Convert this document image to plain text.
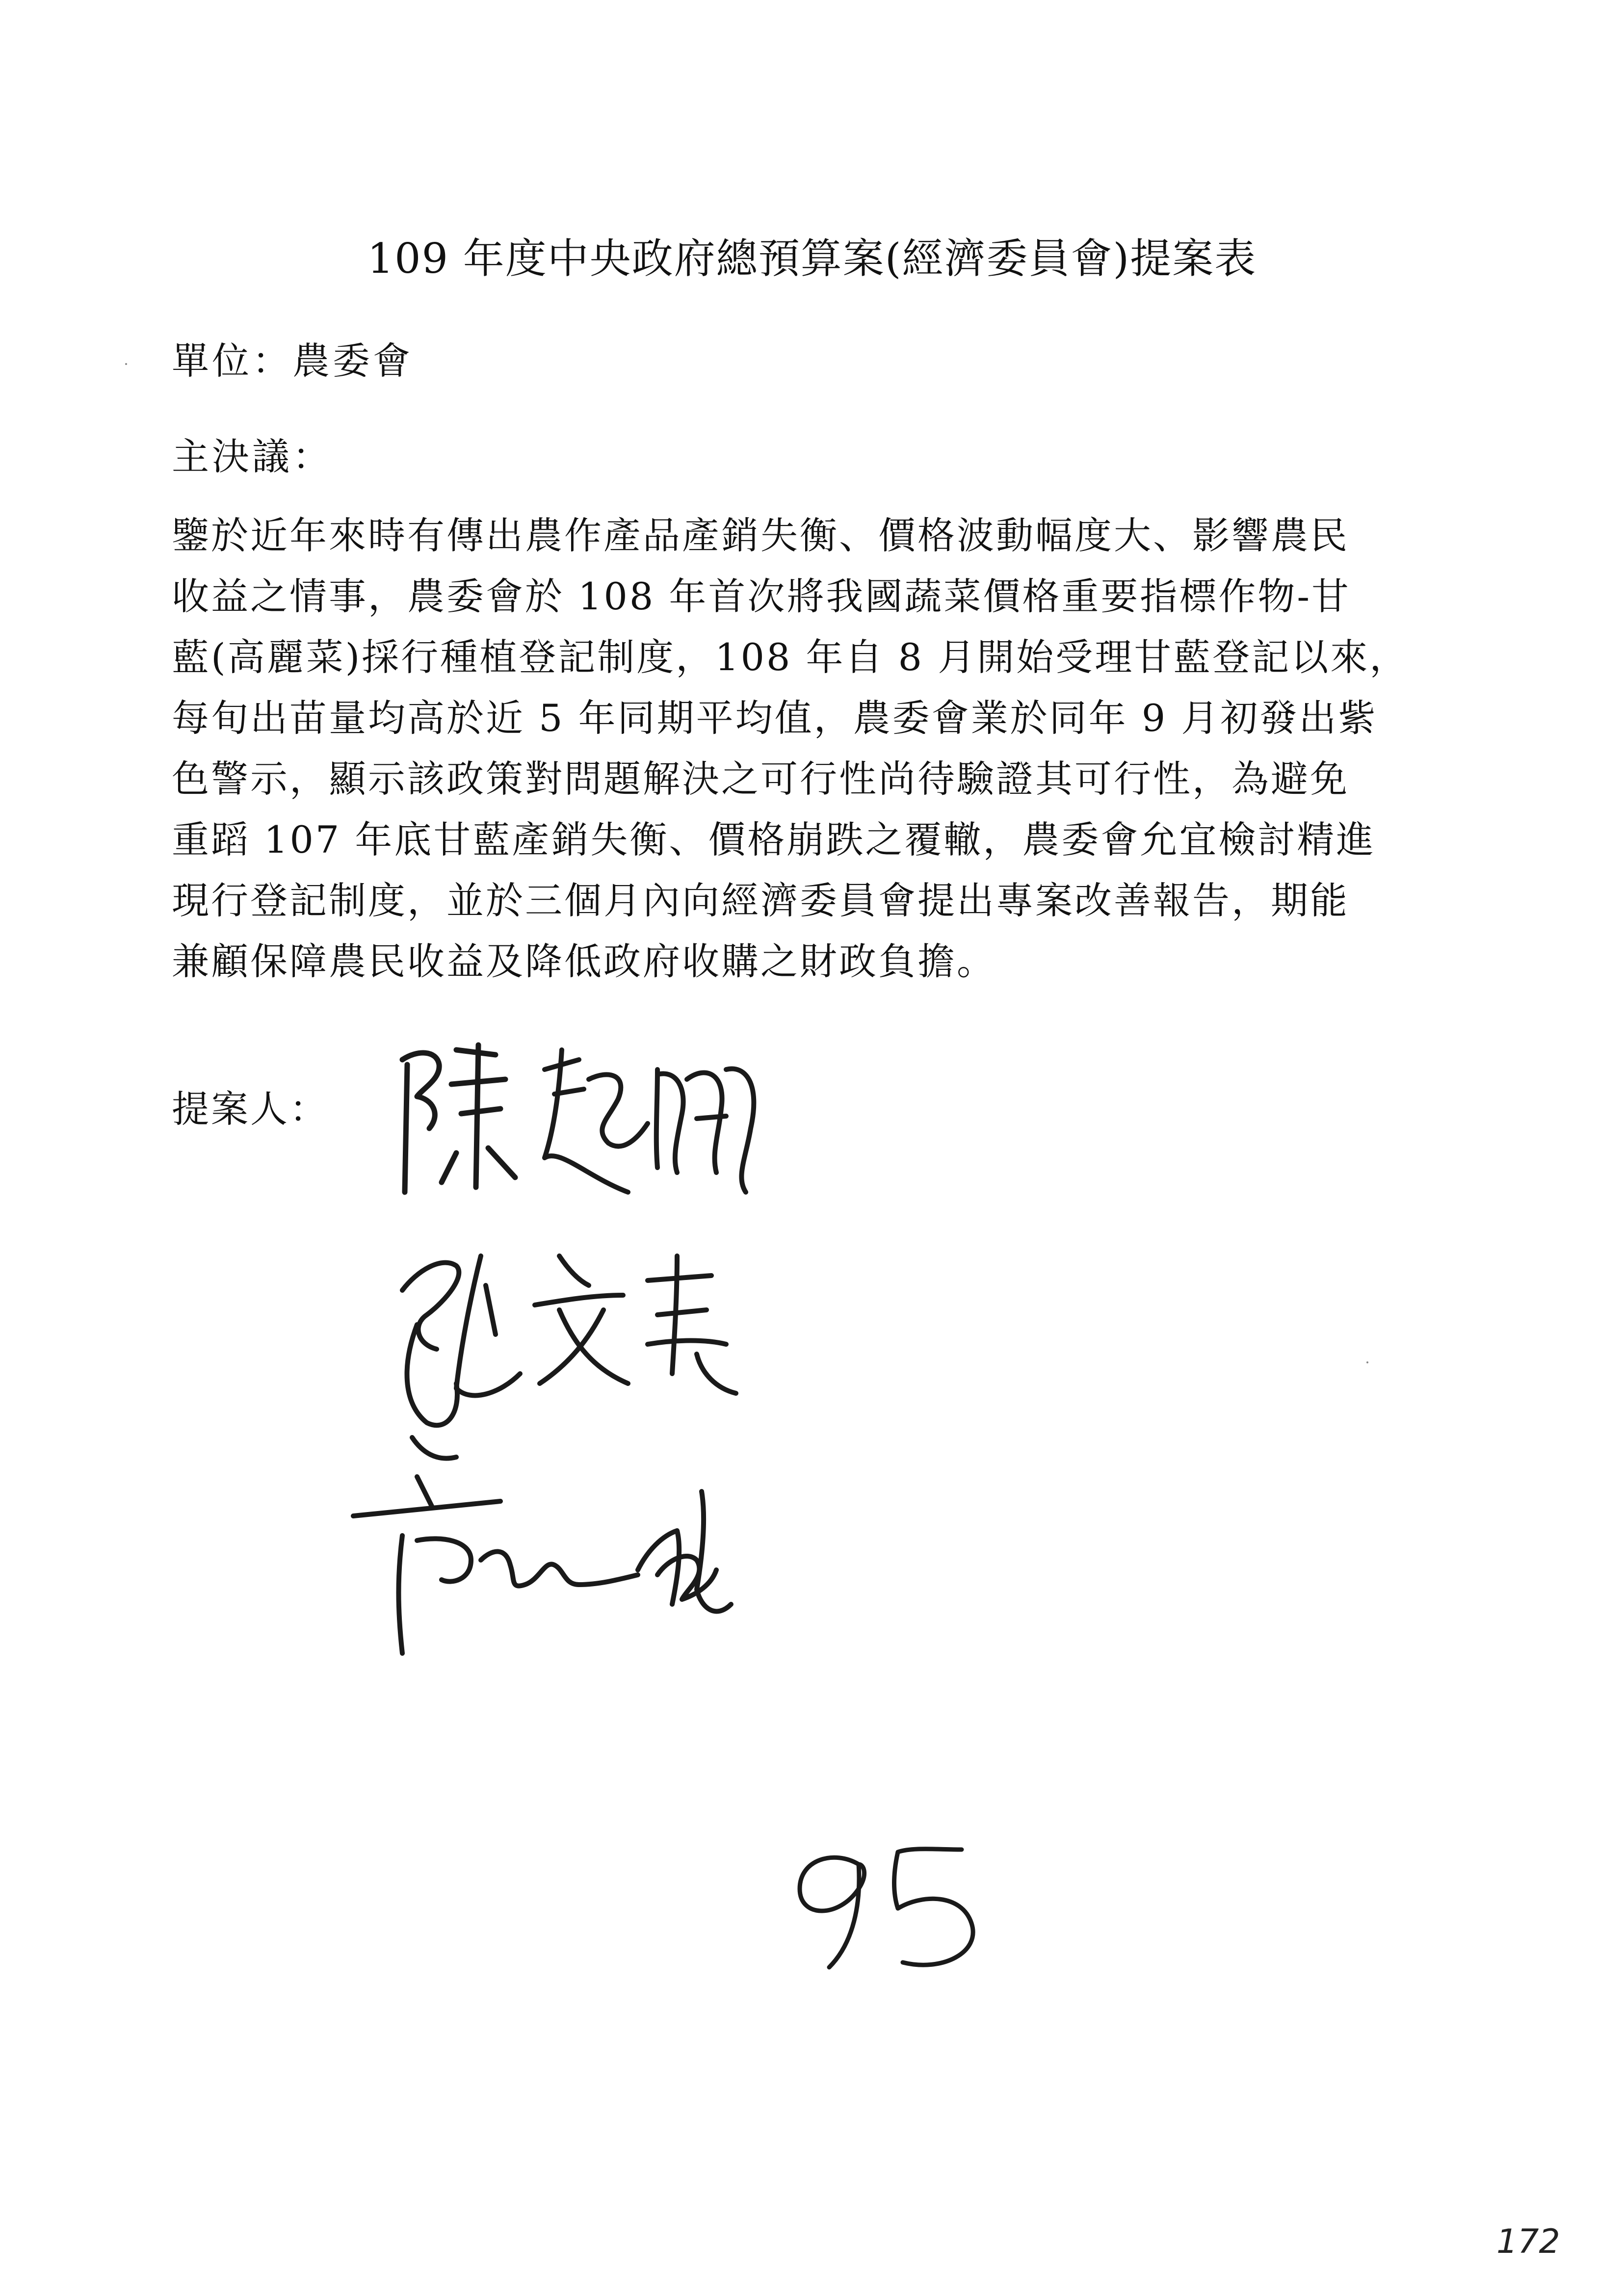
109 年度中央政府總預算案(經濟委員會)提案表
單位：農委會
主決議：
鑒於近年來時有傳出農作產品產銷失衡、價格波動幅度大、影響農民
收益之情事，農委會於 108 年首次將我國蔬菜價格重要指標作物-甘
藍(高麗菜)採行種植登記制度，108 年自 8 月開始受理甘藍登記以來，
每旬出苗量均高於近 5 年同期平均值，農委會業於同年 9 月初發出紫
色警示，顯示該政策對問題解決之可行性尚待驗證其可行性，為避免
重蹈 107 年底甘藍產銷失衡、價格崩跌之覆轍，農委會允宜檢討精進
現行登記制度，並於三個月內向經濟委員會提出專案改善報告，期能
兼顧保障農民收益及降低政府收購之財政負擔。
提案人：
172
